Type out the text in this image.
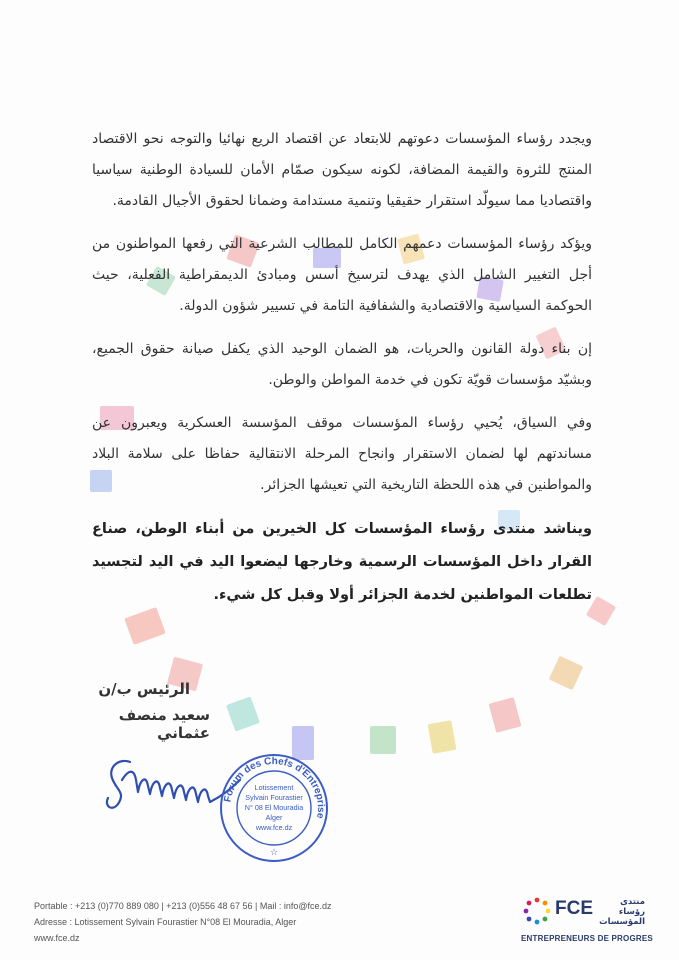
ويجدد رؤساء المؤسسات دعوتهم للابتعاد عن اقتصاد الريع نهائيا والتوجه نحو الاقتصاد المنتج للثروة والقيمة المضافة، لكونه سيكون صمّام الأمان للسيادة الوطنية سياسيا واقتصاديا مما سيولّد استقرار حقيقيا وتنمية مستدامة وضمانا لحقوق الأجيال القادمة.

ويؤكد رؤساء المؤسسات دعمهم الكامل للمطالب الشرعية التي رفعها المواطنون من أجل التغيير الشامل الذي يهدف لترسيخ أسس ومبادئ الديمقراطية الفعلية، حيث الحوكمة السياسية والاقتصادية والشفافية التامة في تسيير شؤون الدولة.

إن بناء دولة القانون والحريات، هو الضمان الوحيد الذي يكفل صيانة حقوق الجميع، وبشيّد مؤسسات قويّة تكون في خدمة المواطن والوطن.

وفي السياق، يُحيي رؤساء المؤسسات موقف المؤسسة العسكرية ويعبرون عن مساندتهم لها لضمان الاستقرار وانجاح المرحلة الانتقالية حفاظا على سلامة البلاد والمواطنين في هذه اللحظة التاريخية التي تعيشها الجزائر.

ويناشد منتدى رؤساء المؤسسات كل الخيرين من أبناء الوطن، صناع القرار داخل المؤسسات الرسمية وخارجها ليضعوا اليد في اليد لتجسيد تطلعات المواطنين لخدمة الجزائر أولا وقبل كل شيء.

الرئيس ب/ن
سعيد منصف عثماني
Forum des Chefs d'Entreprise
Lotissement
Sylvain Fourastier
N° 08 El Mouradia
Alger
www.fce.dz
☆
Portable : +213 (0)770 889 080 | +213 (0)556 48 67 56 | Mail : info@fce.dz
Adresse : Lotissement Sylvain Fourastier N°08 El Mouradia, Alger
www.fce.dz
FCE	منتدى رؤساء المؤسسات
ENTREPRENEURS DE PROGRES
